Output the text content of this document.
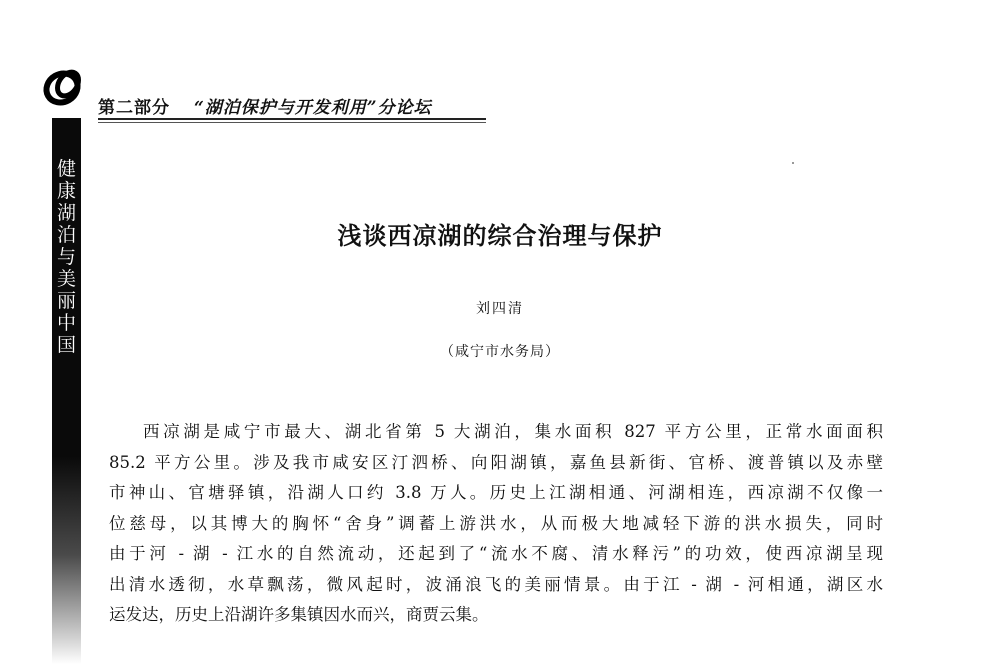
第二部分 “湖泊保护与开发利用”分论坛
健
康
湖
泊
与
美
丽
中
国
浅谈西凉湖的综合治理与保护
刘四清
（咸宁市水务局）
西凉湖是咸宁市最大、湖北省第 5 大湖泊，集水面积 827 平方公里，正常水面面积
85.2 平方公里。涉及我市咸安区汀泗桥、向阳湖镇，嘉鱼县新街、官桥、渡普镇以及赤壁
市神山、官塘驿镇，沿湖人口约 3.8 万人。历史上江湖相通、河湖相连，西凉湖不仅像一
位慈母，以其博大的胸怀“舍身”调蓄上游洪水，从而极大地减轻下游的洪水损失，同时
由于河 - 湖 - 江水的自然流动，还起到了“流水不腐、清水释污”的功效，使西凉湖呈现
出清水透彻，水草飘荡，微风起时，波涌浪飞的美丽情景。由于江 - 湖 - 河相通，湖区水
运发达，历史上沿湖许多集镇因水而兴，商贾云集。
